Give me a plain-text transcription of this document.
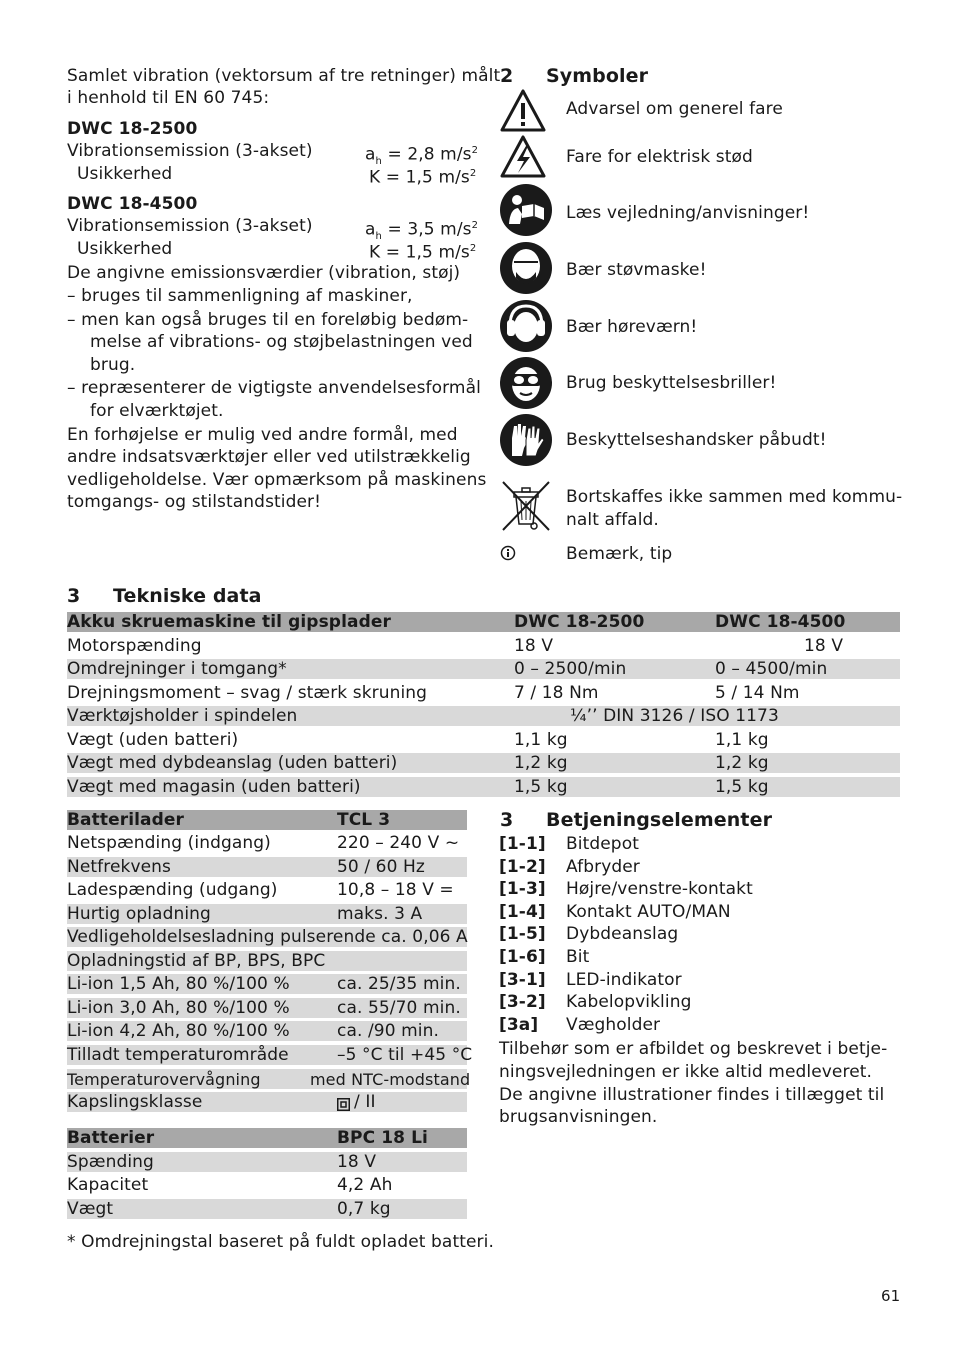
Samlet vibration (vektorsum af tre retninger) målt
i henhold til EN 60 745:
DWC 18-2500
Vibrationsemission (3-akset)	$a_h = 2,8$ $m/s^2$
Usikkerhed	K = 1,5 $m/s^2$
DWC 18-4500
Vibrationsemission (3-akset)	$a_h = 3,5$ $m/s^2$
Usikkerhed	K = 1,5 $m/s^2$
De angivne emissionsværdier (vibration, støj)
– bruges til sammenligning af maskiner,
– men kan også bruges til en foreløbig bedøm-
melse af vibrations- og støjbelastningen ved
brug.
– repræsenterer de vigtigste anvendelsesformål
for elværktøjet.
En forhøjelse er mulig ved andre formål, med
andre indsatsværktøjer eller ved utilstrækkelig
vedligeholdelse. Vær opmærksom på maskinens
tomgangs- og stilstandstider!
2 Symboler
Advarsel om generel fare
Fare for elektrisk stød
Læs vejledning/anvisninger!
Bær støvmaske!
Bær høreværn!
Brug beskyttelsesbriller!
Beskyttelseshandsker påbudt!
Bortskaffes ikke sammen med kommu-
nalt affald.
Bemærk, tip
3 Tekniske data
Akku skruemaskine til gipsplader	DWC 18-2500	DWC 18-4500
Motorspænding	18 V	18 V
Omdrejninger i tomgang*	0 – 2500/min	0 – 4500/min
Drejningsmoment – svag / stærk skruning	7 / 18 Nm	5 / 14 Nm
Værktøjsholder i spindelen	¼’’ DIN 3126 / ISO 1173
Vægt (uden batteri)	1,1 kg	1,1 kg
Vægt med dybdeanslag (uden batteri)	1,2 kg	1,2 kg
Vægt med magasin (uden batteri)	1,5 kg	1,5 kg
Batterilader	TCL 3
Netspænding (indgang)	220 – 240 V ~
Netfrekvens	50 / 60 Hz
Ladespænding (udgang)	10,8 – 18 V =
Hurtig opladning	maks. 3 A
Vedligeholdelsesladning pulserende ca. 0,06 A
Opladningstid af BP, BPS, BPC
Li-ion 1,5 Ah, 80 %/100 %	ca. 25/35 min.
Li-ion 3,0 Ah, 80 %/100 %	ca. 55/70 min.
Li-ion 4,2 Ah, 80 %/100 %	ca. /90 min.
Tilladt temperaturområde	–5 °C til +45 °C
Temperaturovervågning	med NTC-modstand
Kapslingsklasse	/ II
Batterier	BPC 18 Li
Spænding	18 V
Kapacitet	4,2 Ah
Vægt	0,7 kg
* Omdrejningstal baseret på fuldt opladet batteri.
3 Betjeningselementer
[1-1] Bitdepot
[1-2] Afbryder
[1-3] Højre/venstre-kontakt
[1-4] Kontakt AUTO/MAN
[1-5] Dybdeanslag
[1-6] Bit
[3-1] LED-indikator
[3-2] Kabelopvikling
[3a] Vægholder
Tilbehør som er afbildet og beskrevet i betje-
ningsvejledningen er ikke altid medleveret.
De angivne illustrationer findes i tillægget til
brugsanvisningen.
61
